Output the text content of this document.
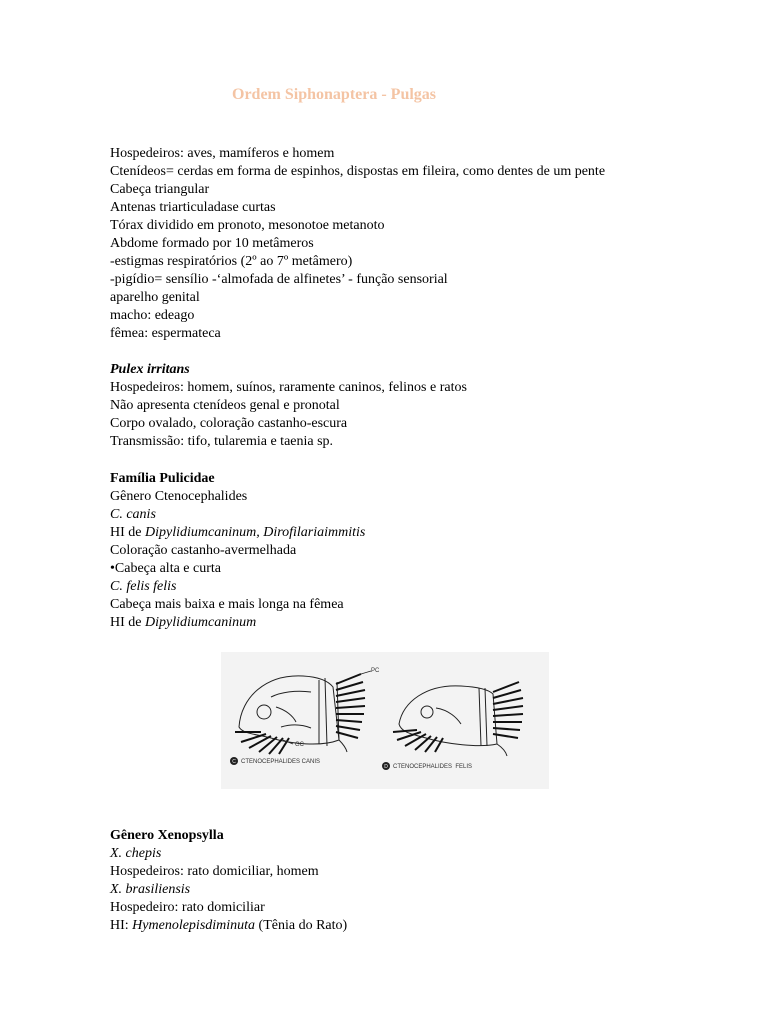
Ordem Siphonaptera - Pulgas
Hospedeiros: aves, mamíferos e homem
Ctenídeos= cerdas em forma de espinhos, dispostas em fileira, como dentes de um pente
Cabeça triangular
Antenas triarticuladase curtas
Tórax dividido em pronoto, mesonotoe metanoto
Abdome formado por 10 metâmeros
-estigmas respiratórios (2º ao 7º metâmero)
-pigídio= sensílio -‘almofada de alfinetes’ - função sensorial
aparelho genital
macho: edeago
fêmea: espermateca
Pulex irritans
Hospedeiros: homem, suínos, raramente caninos, felinos e ratos
Não apresenta ctenídeos genal e pronotal
Corpo ovalado, coloração castanho-escura
Transmissão: tifo, tularemia e taenia sp.
Família Pulicidae
Gênero Ctenocephalides
C. canis
HI de Dipylidiumcaninum, Dirofilariaimmitis
Coloração castanho-avermelhada
•Cabeça alta e curta
C. felis felis
Cabeça mais baixa e mais longa na fêmea
HI de Dipylidiumcaninum
PC
GC
C CTENOCEPHALIDES CANIS
D CTENOCEPHALIDES  FELIS
Gênero Xenopsylla
X. chepis
Hospedeiros: rato domiciliar, homem
X. brasiliensis
Hospedeiro: rato domiciliar
HI: Hymenolepisdiminuta (Tênia do Rato)
